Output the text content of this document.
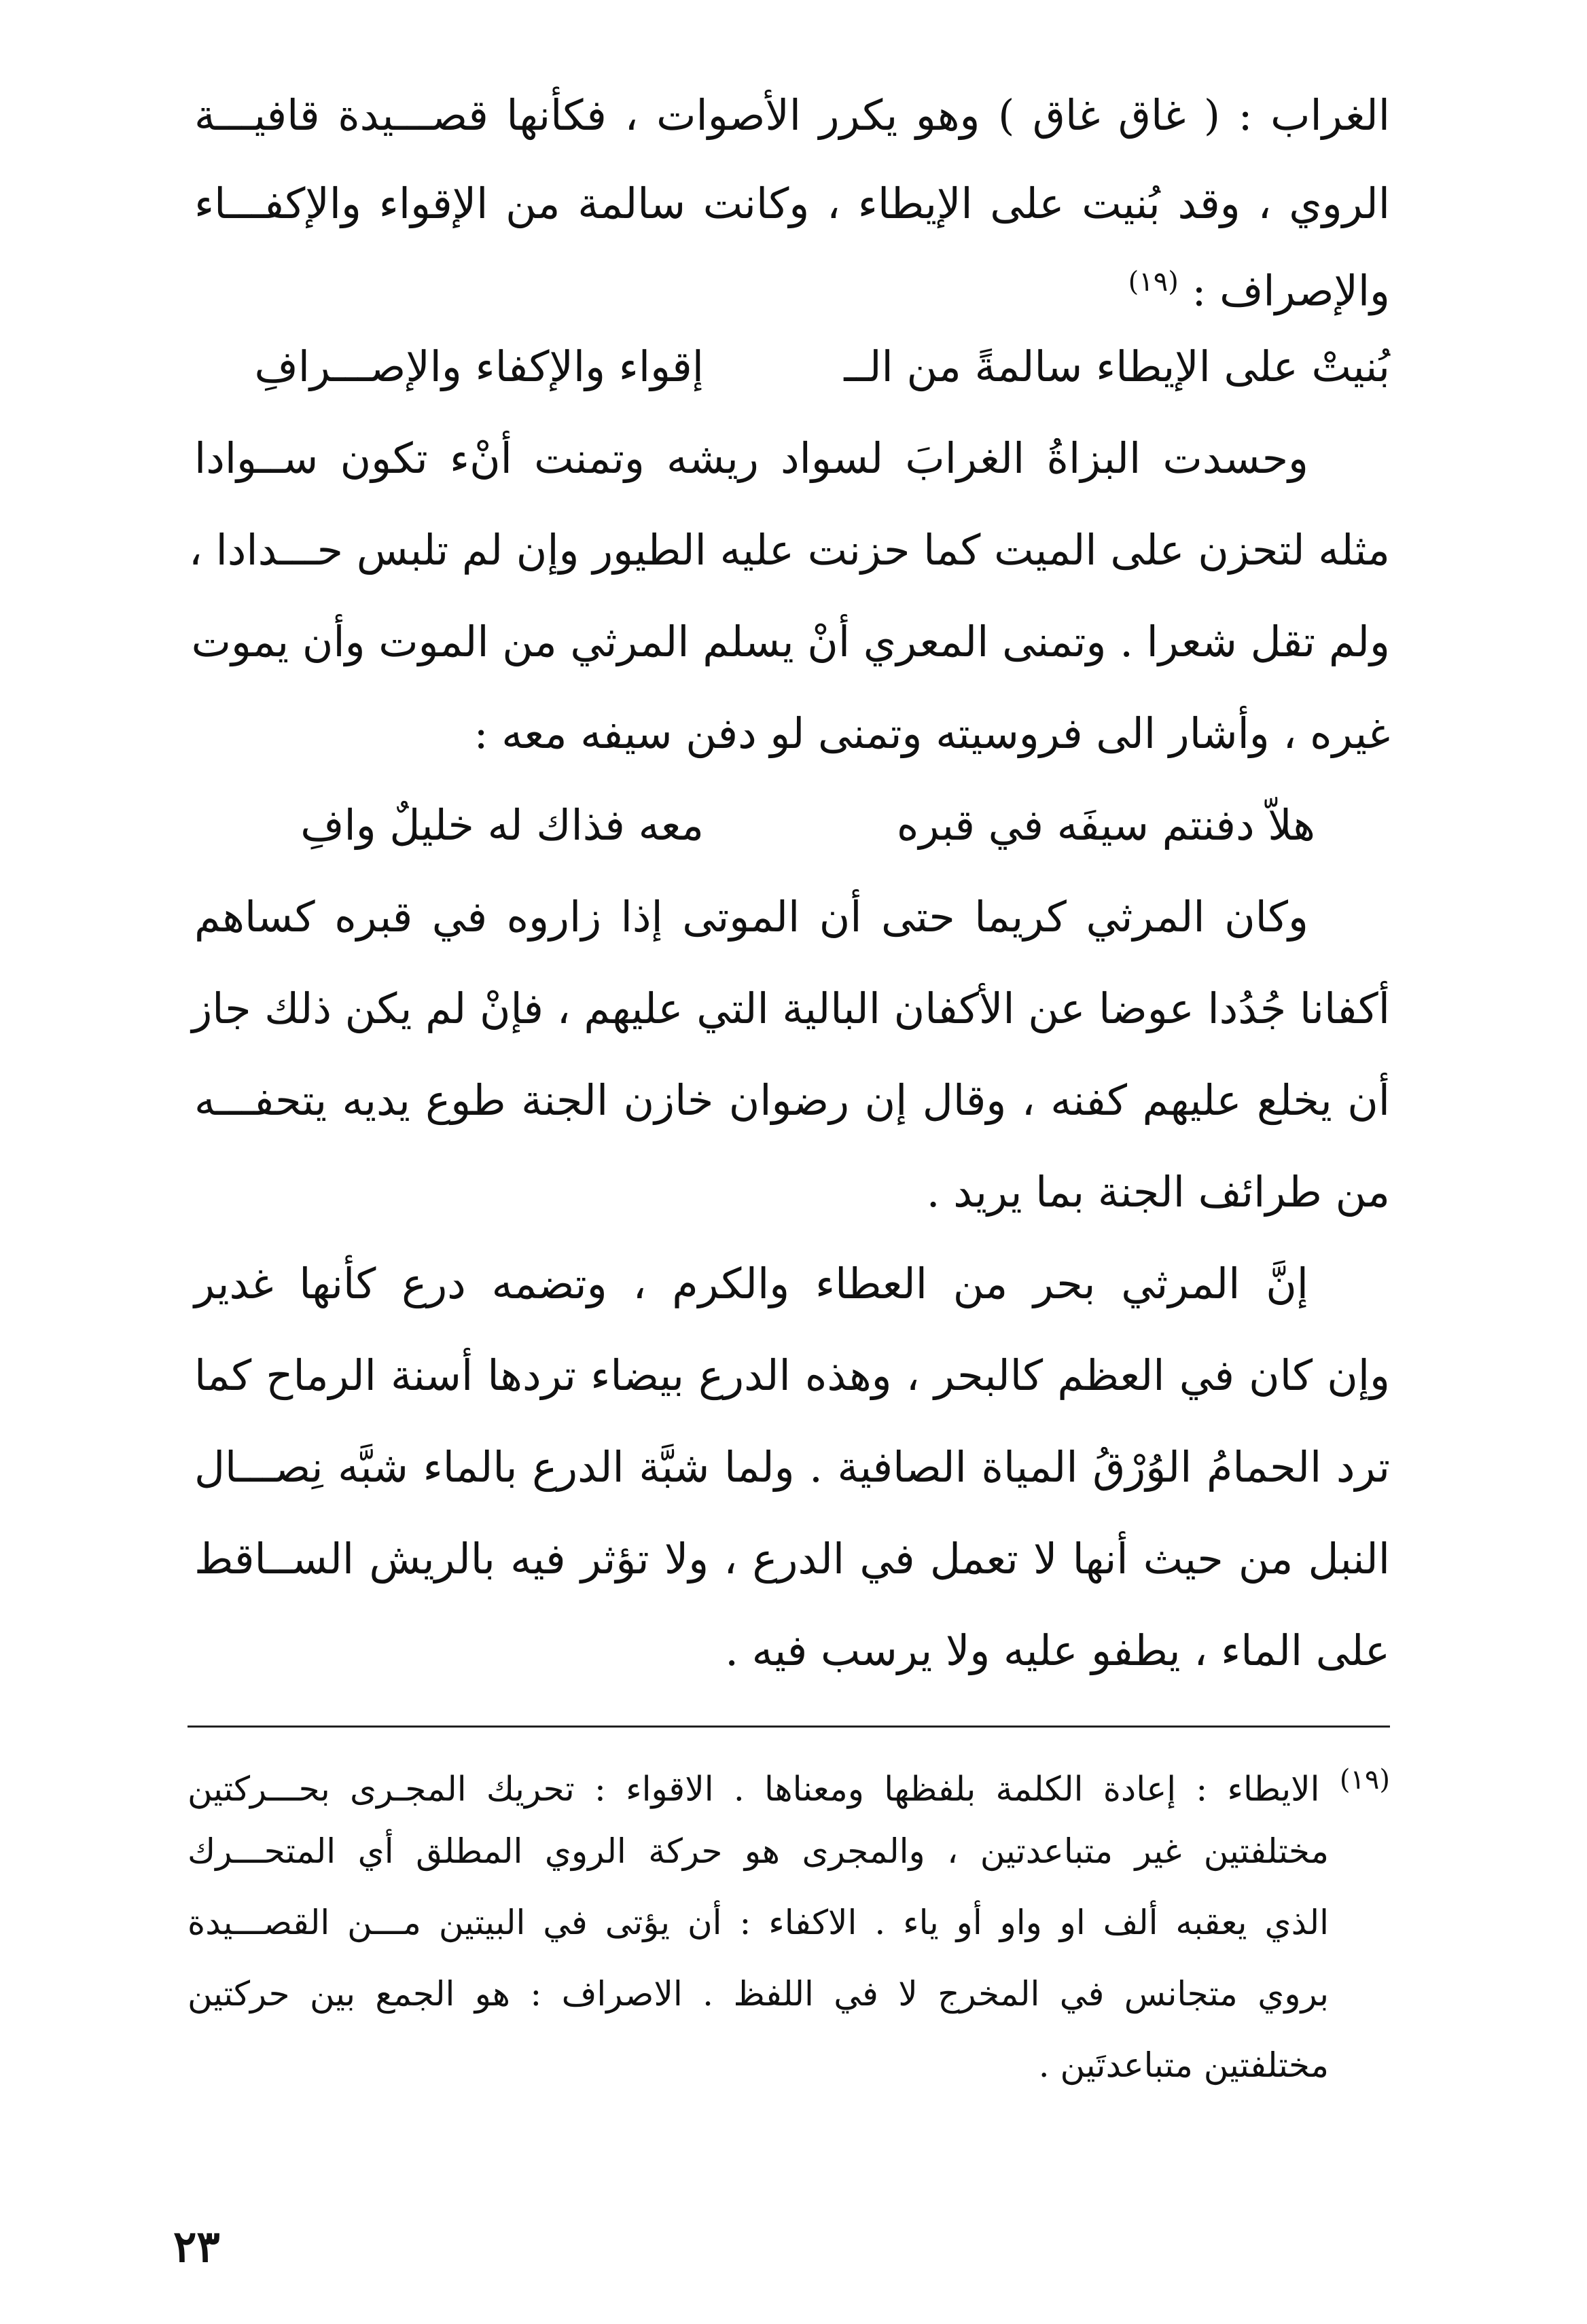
الغراب : ( غاق غاق ) وهو يكرر الأصوات ، فكأنها قصـــيدة قافيـــة
الروي ، وقد بُنيت على الإيطاء ، وكانت سالمة من الإقواء والإكفـــاء
والإصراف : $^{(١٩)}$
بُنيتْ على الإيطاء سالمةً من الــ
إقواء والإكفاء والإصـــرافِ
وحسدت البزاةُ الغرابَ لسواد ريشه وتمنت أنْء تكون ســوادا
مثله لتحزن على الميت كما حزنت عليه الطيور وإن لم تلبس حـــدادا ،
ولم تقل شعرا . وتمنى المعري أنْ يسلم المرثي من الموت وأن يموت
غيره ، وأشار الى فروسيته وتمنى لو دفن سيفه معه :
هلاّ دفنتم سيفَه في قبره
معه فذاك له خليلٌ وافِ
وكان المرثي كريما حتى أن الموتى إذا زاروه في قبره كساهم
أكفانا جُدُدا عوضا عن الأكفان البالية التي عليهم ، فإنْ لم يكن ذلك جاز
أن يخلع عليهم كفنه ، وقال إن رضوان خازن الجنة طوع يديه يتحفـــه
من طرائف الجنة بما يريد .
إنَّ المرثي بحر من العطاء والكرم ، وتضمه درع كأنها غدير
وإن كان في العظم كالبحر ، وهذه الدرع بيضاء تردها أسنة الرماح كما
ترد الحمامُ الوُرْقُ المياة الصافية . ولما شبَّة الدرع بالماء شبَّه نِصـــال
النبل من حيث أنها لا تعمل في الدرع ، ولا تؤثر فيه بالريش الســاقط
على الماء ، يطفو عليه ولا يرسب فيه .
$^{(١٩)}$ الايطاء : إعادة الكلمة بلفظها ومعناها . الاقواء : تحريك المجـرى بحـــركتين
مختلفتين غير متباعدتين ، والمجرى هو حركة الروي المطلق أي المتحـــرك
الذي يعقبه ألف او واو أو ياء . الاكفاء : أن يؤتى في البيتين مـــن القصـــيدة
بروي متجانس في المخرج لا في اللفظ . الاصراف : هو الجمع بين حركتين
مختلفتين متباعدتَين .
٢٣
